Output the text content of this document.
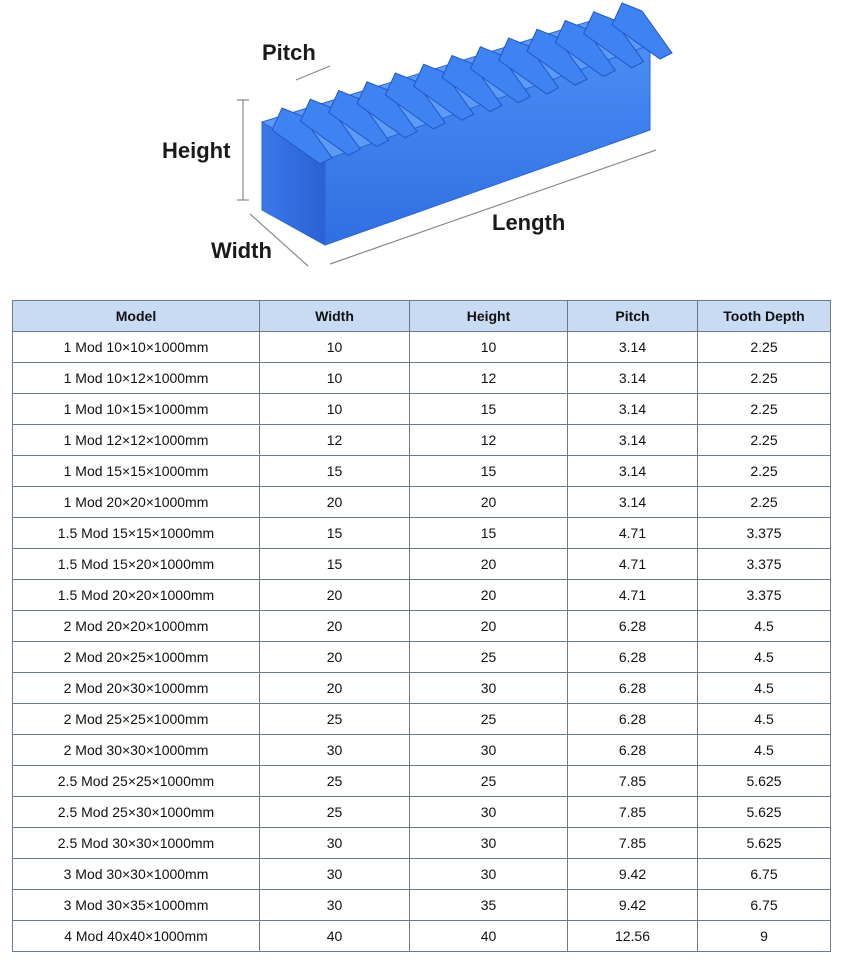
Pitch
Height
Width
Length
Model	Width	Height	Pitch	Tooth Depth
1 Mod 10×10×1000mm	10	10	3.14	2.25
1 Mod 10×12×1000mm	10	12	3.14	2.25
1 Mod 10×15×1000mm	10	15	3.14	2.25
1 Mod 12×12×1000mm	12	12	3.14	2.25
1 Mod 15×15×1000mm	15	15	3.14	2.25
1 Mod 20×20×1000mm	20	20	3.14	2.25
1.5 Mod 15×15×1000mm	15	15	4.71	3.375
1.5 Mod 15×20×1000mm	15	20	4.71	3.375
1.5 Mod 20×20×1000mm	20	20	4.71	3.375
2 Mod 20×20×1000mm	20	20	6.28	4.5
2 Mod 20×25×1000mm	20	25	6.28	4.5
2 Mod 20×30×1000mm	20	30	6.28	4.5
2 Mod 25×25×1000mm	25	25	6.28	4.5
2 Mod 30×30×1000mm	30	30	6.28	4.5
2.5 Mod 25×25×1000mm	25	25	7.85	5.625
2.5 Mod 25×30×1000mm	25	30	7.85	5.625
2.5 Mod 30×30×1000mm	30	30	7.85	5.625
3 Mod 30×30×1000mm	30	30	9.42	6.75
3 Mod 30×35×1000mm	30	35	9.42	6.75
4 Mod 40x40×1000mm	40	40	12.56	9
